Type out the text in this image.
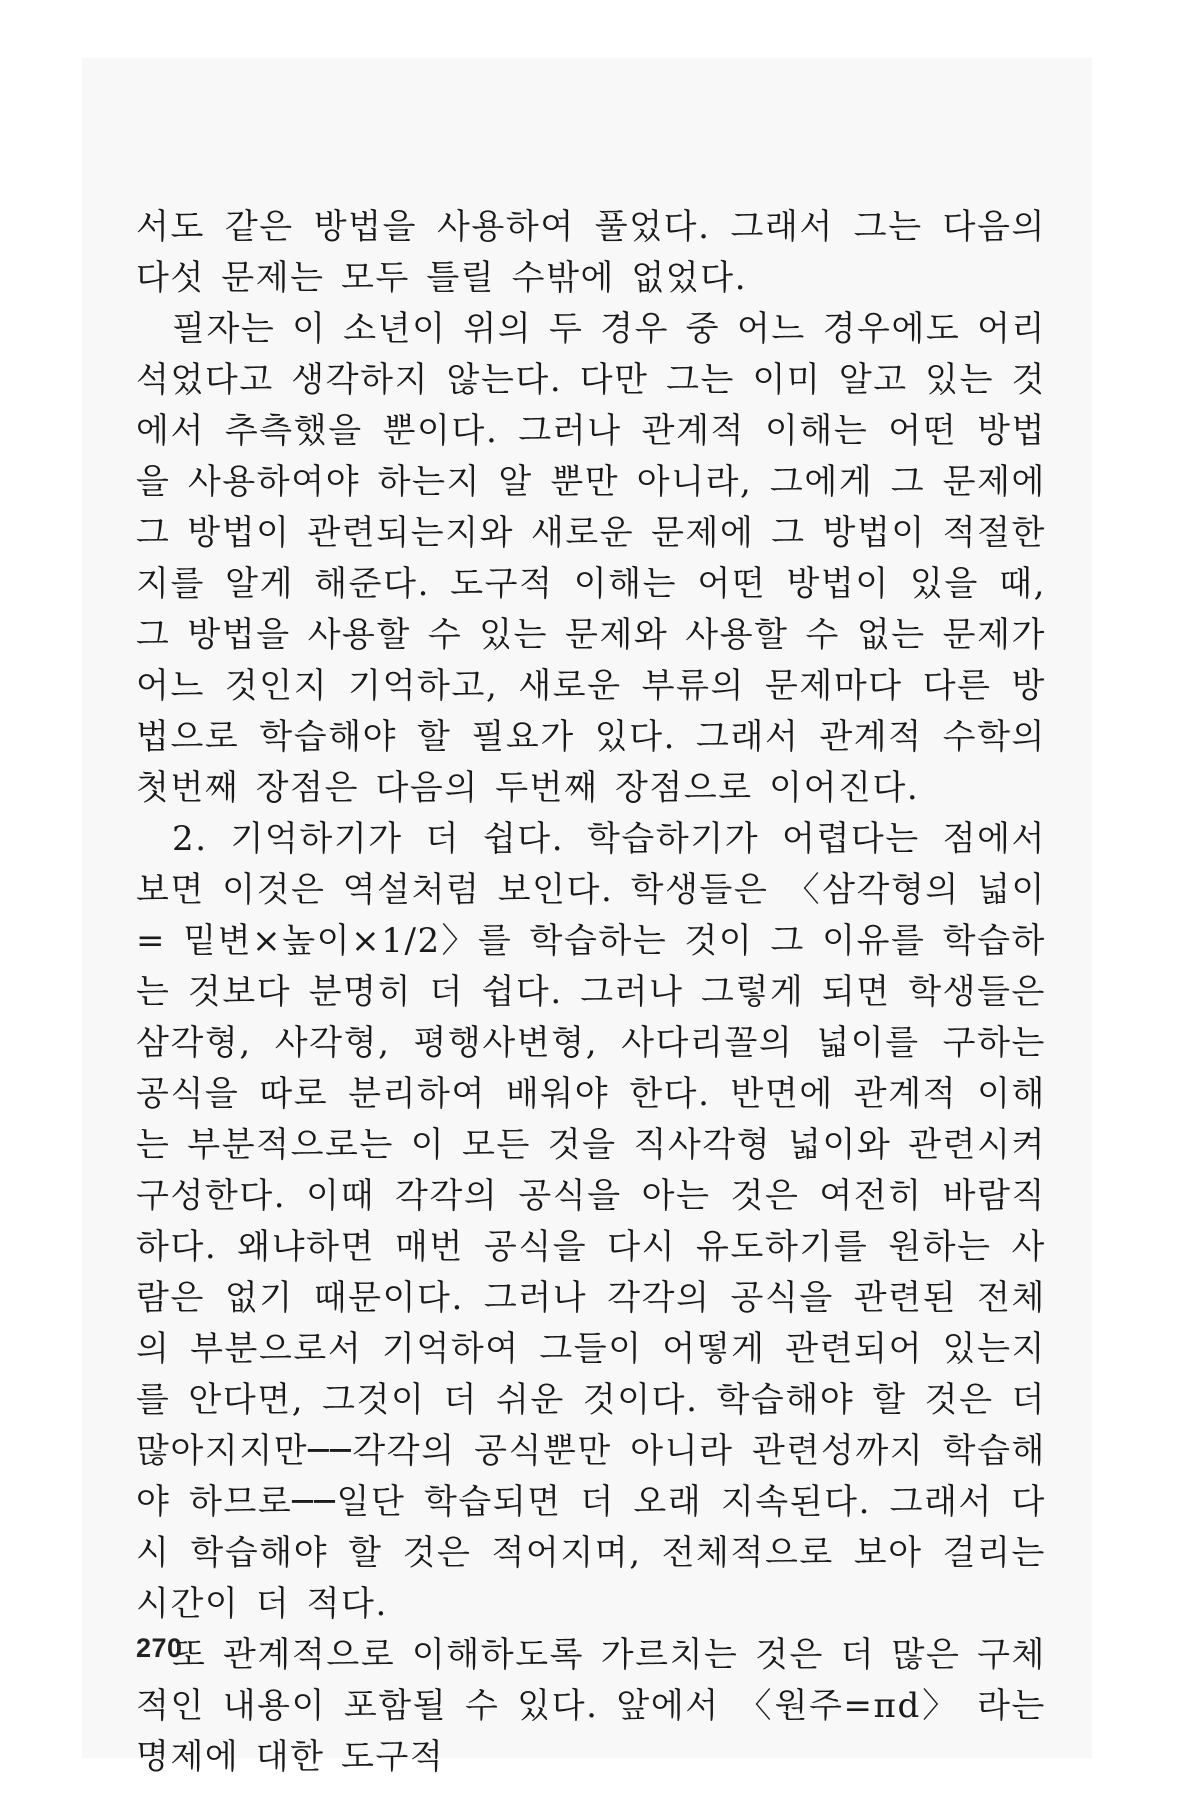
서도 같은 방법을 사용하여 풀었다. 그래서 그는 다음의 다섯 문제는 모두 틀릴 수밖에 없었다.

필자는 이 소년이 위의 두 경우 중 어느 경우에도 어리석었다고 생각하지 않는다. 다만 그는 이미 알고 있는 것에서 추측했을 뿐이다. 그러나 관계적 이해는 어떤 방법을 사용하여야 하는지 알 뿐만 아니라, 그에게 그 문제에 그 방법이 관련되는지와 새로운 문제에 그 방법이 적절한지를 알게 해준다. 도구적 이해는 어떤 방법이 있을 때, 그 방법을 사용할 수 있는 문제와 사용할 수 없는 문제가 어느 것인지 기억하고, 새로운 부류의 문제마다 다른 방법으로 학습해야 할 필요가 있다. 그래서 관계적 수학의 첫번째 장점은 다음의 두번째 장점으로 이어진다.

2. 기억하기가 더 쉽다. 학습하기가 어렵다는 점에서 보면 이것은 역설처럼 보인다. 학생들은 〈삼각형의 넓이 = 밑변×높이×1/2〉를 학습하는 것이 그 이유를 학습하는 것보다 분명히 더 쉽다. 그러나 그렇게 되면 학생들은 삼각형, 사각형, 평행사변형, 사다리꼴의 넓이를 구하는 공식을 따로 분리하여 배워야 한다. 반면에 관계적 이해는 부분적으로는 이 모든 것을 직사각형 넓이와 관련시켜 구성한다. 이때 각각의 공식을 아는 것은 여전히 바람직하다. 왜냐하면 매번 공식을 다시 유도하기를 원하는 사람은 없기 때문이다. 그러나 각각의 공식을 관련된 전체의 부분으로서 기억하여 그들이 어떻게 관련되어 있는지를 안다면, 그것이 더 쉬운 것이다. 학습해야 할 것은 더 많아지지만──각각의 공식뿐만 아니라 관련성까지 학습해야 하므로──일단 학습되면 더 오래 지속된다. 그래서 다시 학습해야 할 것은 적어지며, 전체적으로 보아 걸리는 시간이 더 적다.

또 관계적으로 이해하도록 가르치는 것은 더 많은 구체적인 내용이 포함될 수 있다. 앞에서 〈원주=πd〉 라는 명제에 대한 도구적

270
